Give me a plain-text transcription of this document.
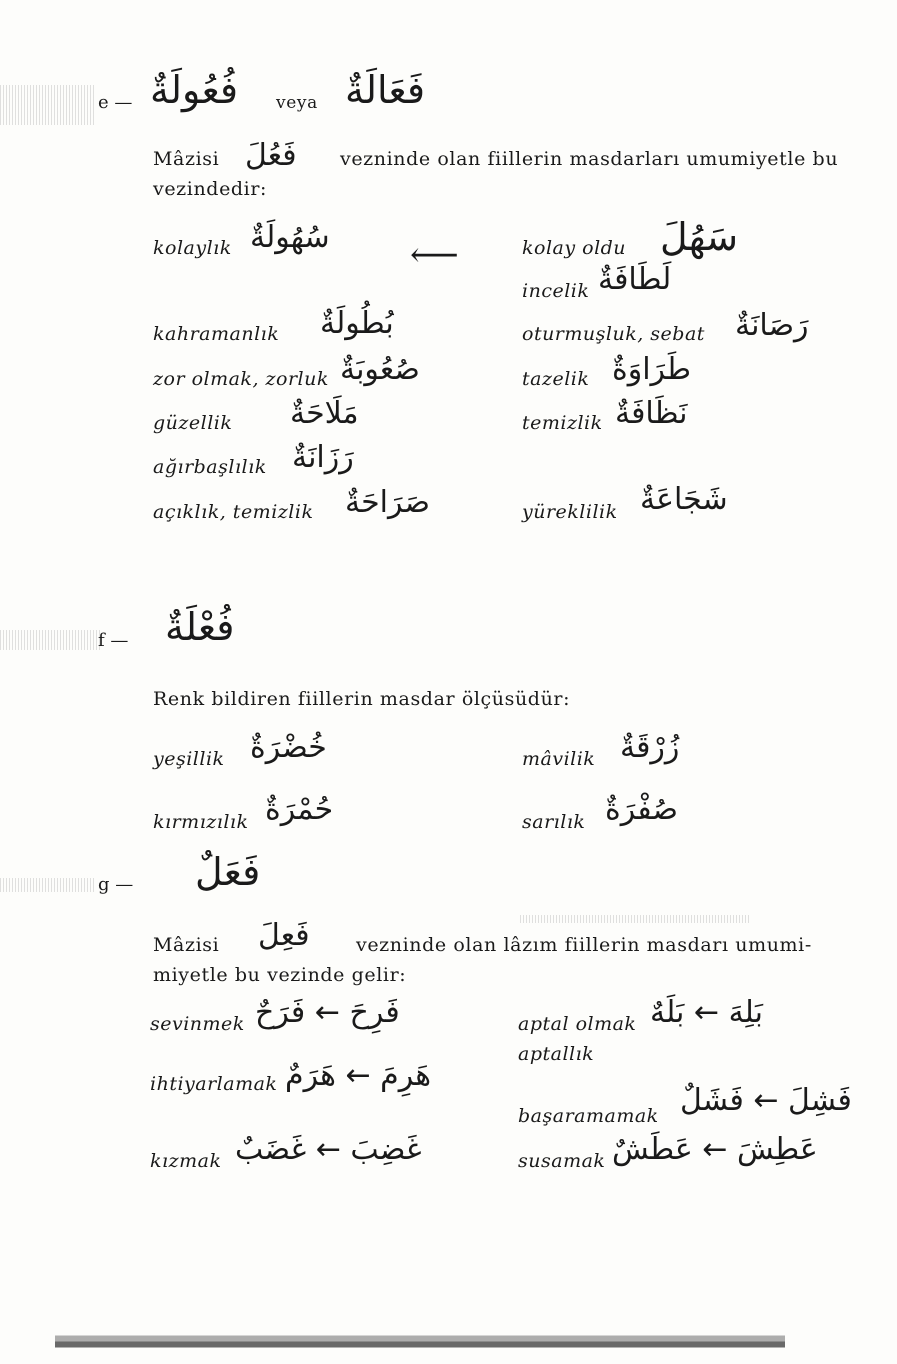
e — فُعُولَةٌ veya فَعَالَةٌ
Mâzisi فَعُلَ vezninde olan fiillerin masdarları umumiyetle bu
vezindedir:
kolaylık سُهُولَةٌ ⟵
kahramanlık بُطُولَةٌ
zor olmak, zorluk صُعُوبَةٌ
güzellik مَلَاحَةٌ
ağırbaşlılık رَزَانَةٌ
açıklık, temizlik صَرَاحَةٌ
kolay oldu سَهُلَ
incelik لَطَافَةٌ
oturmuşluk, sebat رَصَانَةٌ
tazelik طَرَاوَةٌ
temizlik نَظَافَةٌ
yüreklilik شَجَاعَةٌ
f — فُعْلَةٌ
Renk bildiren fiillerin masdar ölçüsüdür:
yeşillik خُضْرَةٌ
kırmızılık حُمْرَةٌ
mâvilik زُرْقَةٌ
sarılık صُفْرَةٌ
g — فَعَلٌ
Mâzisi فَعِلَ vezninde olan lâzım fiillerin masdarı umumi-
miyetle bu vezinde gelir:
sevinmek فَرِحَ ← فَرَحٌ
ihtiyarlamak هَرِمَ ← هَرَمٌ
kızmak غَضِبَ ← غَضَبٌ
aptal olmak
aptallık
بَلِهَ ← بَلَهٌ
başaramamak فَشِلَ ← فَشَلٌ
susamak عَطِشَ ← عَطَشٌ
